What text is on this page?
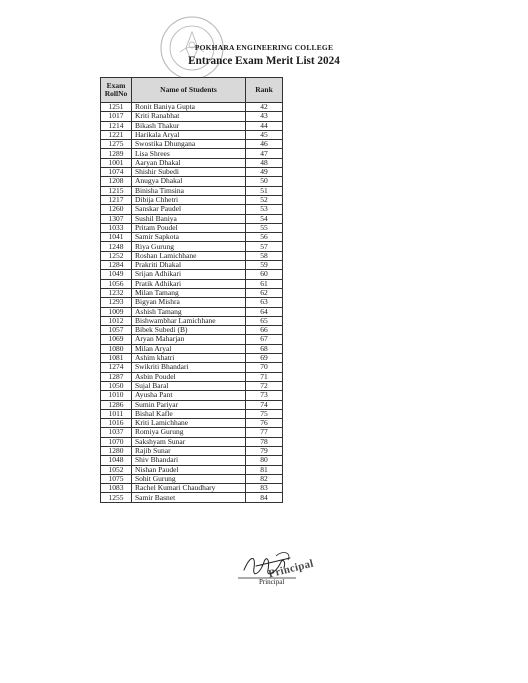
POKHARA ENGINEERING COLLEGE
Entrance Exam Merit List 2024
Exam
RollNo	Name of Students	Rank
1251	Ronit Baniya Gupta	42
1017	Kriti Ranabhat	43
1214	Bikash Thakur	44
1221	Harikala Aryal	45
1275	Swostika Dhungana	46
1289	Lisa Shrees	47
1001	Aaryan Dhakal	48
1074	Shishir Subedi	49
1208	Anugya Dhakal	50
1215	Binisha Timsina	51
1217	Dibija Chhetri	52
1260	Sanskar Paudel	53
1307	Sushil Baniya	54
1033	Pritam Poudel	55
1041	Samir Sapkota	56
1248	Riya Gurung	57
1252	Roshan Lamichhane	58
1284	Prakriti Dhakal	59
1049	Srijan Adhikari	60
1056	Pratik Adhikari	61
1232	Milan Tamang	62
1293	Bigyan Mishra	63
1009	Ashish Tamang	64
1012	Bishwambhar Lamichhane	65
1057	Bibek Subedi (B)	66
1069	Aryan Maharjan	67
1080	Milan Aryal	68
1081	Ashim khatri	69
1274	Swikriti Bhandari	70
1287	Asbin Poudel	71
1050	Sujal Baral	72
1010	Ayusha Pant	73
1286	Sumin Pariyar	74
1011	Bishal Kafle	75
1016	Kriti Lamichhane	76
1037	Romiya Gurung	77
1070	Sakshyam Sunar	78
1280	Rajib Sunar	79
1048	Shiv Bhandari	80
1052	Nishan Paudel	81
1075	Sohit Gurung	82
1083	Rachel Kumari Chaudhary	83
1255	Samir Basnet	84
Principal
Principal
